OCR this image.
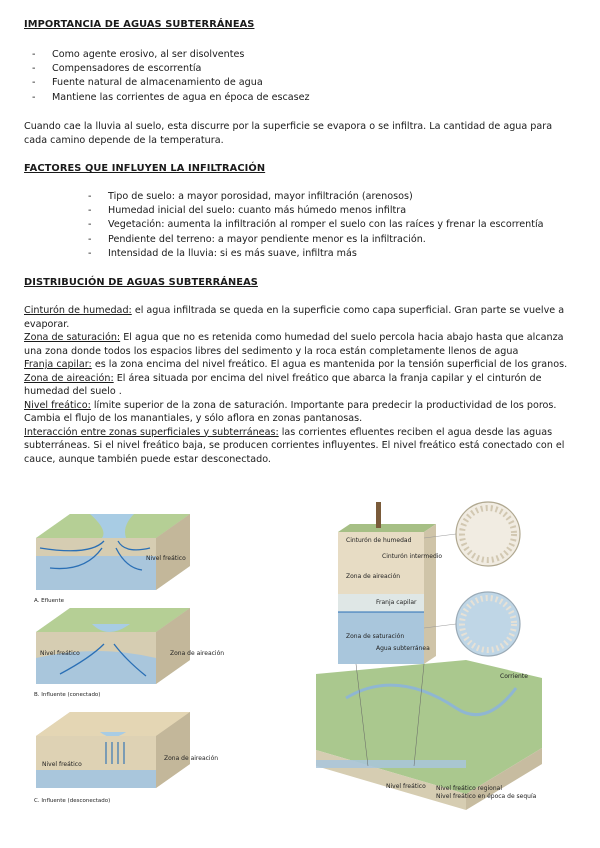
IMPORTANCIA DE AGUAS SUBTERRÁNEAS
- Como agente erosivo, al ser disolventes
- Compensadores de escorrentía
- Fuente natural de almacenamiento de agua
- Mantiene las corrientes de agua en época de escasez
Cuando cae la lluvia al suelo, esta discurre por la superficie se evapora o se infiltra. La cantidad de agua para cada camino depende de la temperatura.
FACTORES QUE INFLUYEN LA INFILTRACIÓN
- Tipo de suelo: a mayor porosidad, mayor infiltración (arenosos)
- Humedad inicial del suelo: cuanto más húmedo menos infiltra
- Vegetación: aumenta la infiltración al romper el suelo con las raíces y frenar la escorrentía
- Pendiente del terreno: a mayor pendiente menor es la infiltración.
- Intensidad de la lluvia: si es más suave, infiltra más
DISTRIBUCIÓN DE AGUAS SUBTERRÁNEAS

Cinturón de humedad: el agua infiltrada se queda en la superficie como capa superficial. Gran parte se vuelve a evaporar.

Zona de saturación: El agua que no es retenida como humedad del suelo percola hacia abajo hasta que alcanza una zona donde todos los espacios libres del sedimento y la roca están completamente llenos de agua

Franja capilar: es la zona encima del nivel freático. El agua es mantenida por la tensión superficial de los granos.

Zona de aireación: El área situada por encima del nivel freático que abarca la franja capilar y el cinturón de humedad del suelo .

Nivel freático: límite superior de la zona de saturación. Importante para predecir la productividad de los poros. Cambia el flujo de los manantiales, y sólo aflora en zonas pantanosas.

Interacción entre zonas superficiales y subterráneas: las corrientes efluentes reciben el agua desde las aguas subterráneas. Si el nivel freático baja, se producen corrientes influyentes. El nivel freático está conectado con el cauce, aunque también puede estar desconectado.

Nivel freático
A. Efluente
Nivel freático	Zona de aireación
B. Influente (conectado)
Nivel freático
Zona de aireación
C. Influente (desconectado)
Cinturón de humedad
Zona de aireación
Cinturón intermedio
Franja capilar
Zona de saturación
Agua subterránea
Corriente
Nivel freático Nivel freático regional
Nivel freático en época de sequía
